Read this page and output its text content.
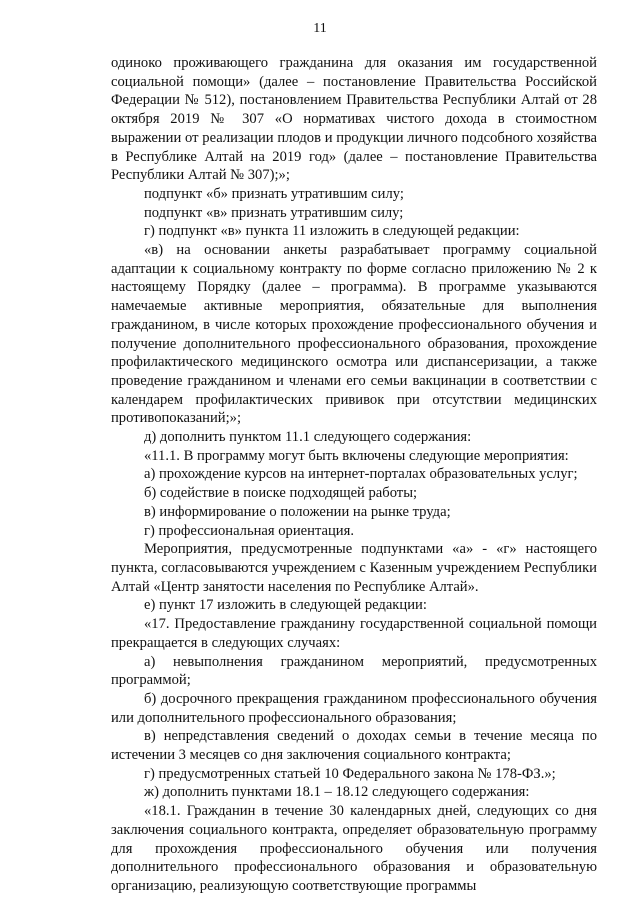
11

одиноко проживающего гражданина для оказания им государственной социальной помощи» (далее – постановление Правительства Российской Федерации № 512), постановлением Правительства Республики Алтай от 28 октября 2019 № 307 «О нормативах чистого дохода в стоимостном выражении от реализации плодов и продукции личного подсобного хозяйства в Республике Алтай на 2019 год» (далее – постановление Правительства Республики Алтай № 307);»;

подпункт «б» признать утратившим силу;

подпункт «в» признать утратившим силу;

г) подпункт «в» пункта 11 изложить в следующей редакции:

«в) на основании анкеты разрабатывает программу социальной адаптации к социальному контракту по форме согласно приложению № 2 к настоящему Порядку (далее – программа). В программе указываются намечаемые активные мероприятия, обязательные для выполнения гражданином, в числе которых прохождение профессионального обучения и получение дополнительного профессионального образования, прохождение профилактического медицинского осмотра или диспансеризации, а также проведение гражданином и членами его семьи вакцинации в соответствии с календарем профилактических прививок при отсутствии медицинских противопоказаний;»;

д) дополнить пунктом 11.1 следующего содержания:

«11.1. В программу могут быть включены следующие мероприятия:

а) прохождение курсов на интернет-порталах образовательных услуг;

б) содействие в поиске подходящей работы;

в) информирование о положении на рынке труда;

г) профессиональная ориентация.

Мероприятия, предусмотренные подпунктами «а» - «г» настоящего пункта, согласовываются учреждением с Казенным учреждением Республики Алтай «Центр занятости населения по Республике Алтай».

е) пункт 17 изложить в следующей редакции:

«17. Предоставление гражданину государственной социальной помощи прекращается в следующих случаях:

а) невыполнения гражданином мероприятий, предусмотренных программой;

б) досрочного прекращения гражданином профессионального обучения или дополнительного профессионального образования;

в) непредставления сведений о доходах семьи в течение месяца по истечении 3 месяцев со дня заключения социального контракта;

г) предусмотренных статьей 10 Федерального закона № 178-ФЗ.»;

ж) дополнить пунктами 18.1 – 18.12 следующего содержания:

«18.1. Гражданин в течение 30 календарных дней, следующих со дня заключения социального контракта, определяет образовательную программу для прохождения профессионального обучения или получения дополнительного профессионального образования и образовательную организацию, реализующую соответствующие программы
